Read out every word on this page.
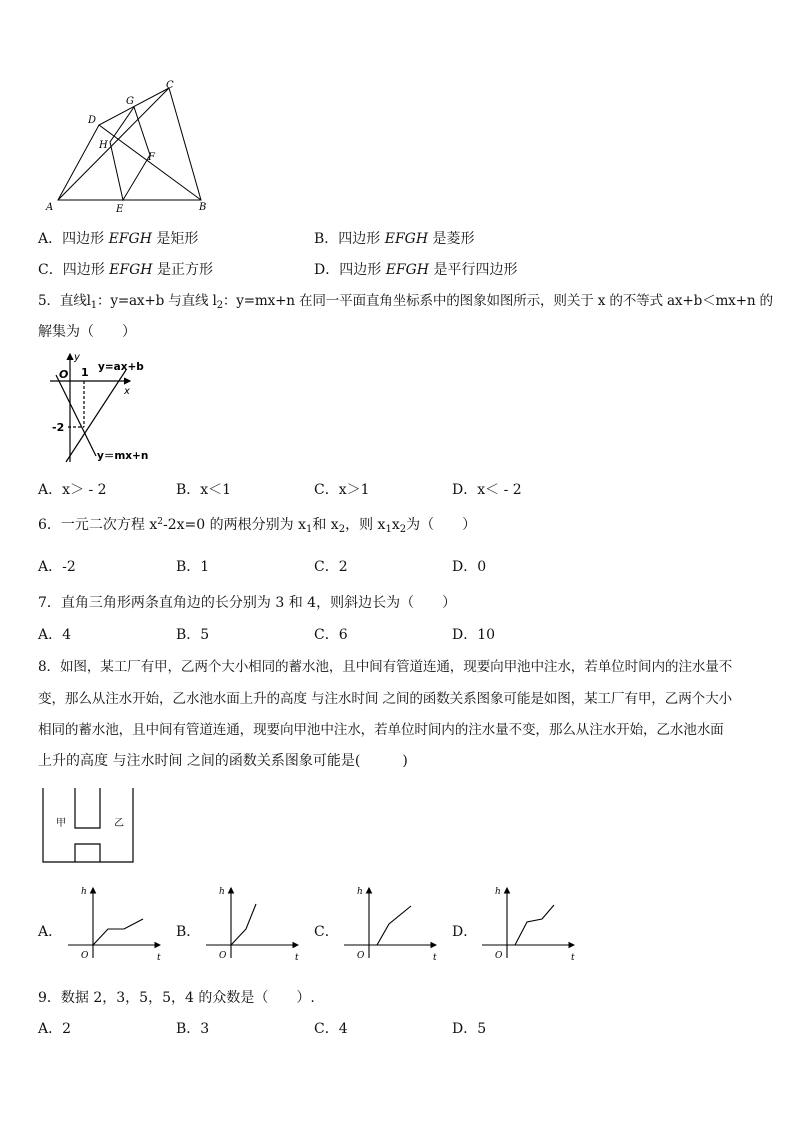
A	B
C
D
E
F
G
H
A．四边形 EFGH 是矩形	B．四边形 EFGH 是菱形
C．四边形 EFGH 是正方形	D．四边形 EFGH 是平行四边形
5．直线$l_1$：y=ax+b 与直线 $l_2$：y=mx+n 在同一平面直角坐标系中的图象如图所示，则关于 x 的不等式 ax+b＜mx+n 的
解集为（　　）
y
x
O 1
-2
y=ax+b
y＝mx+n
A．x＞ - 2	B．x＜1	C．x＞1	D．x＜ - 2
6．一元二次方程 $x^2-2x=0$ 的两根分别为 $x_1$和 $x_2$，则 $x_1x_2$为（　　）
A．-2	B．1	C．2	D．0
7．直角三角形两条直角边的长分别为 3 和 4，则斜边长为（　　）
A．4	B．5	C．6	D．10
8．如图，某工厂有甲，乙两个大小相同的蓄水池，且中间有管道连通，现要向甲池中注水，若单位时间内的注水量不
变，那么从注水开始，乙水池水面上升的高度 与注水时间 之间的函数关系图象可能是如图，某工厂有甲，乙两个大小
相同的蓄水池，且中间有管道连通，现要向甲池中注水，若单位时间内的注水量不变，那么从注水开始，乙水池水面
上升的高度 与注水时间 之间的函数关系图象可能是(　　　)
甲	乙
A．
h
t
O
B．
h
t
O
C．
h
t
O
D．
h
t
O
9．数据 2，3，5，5，4 的众数是（　　）.
A．2	B．3	C．4	D．5
